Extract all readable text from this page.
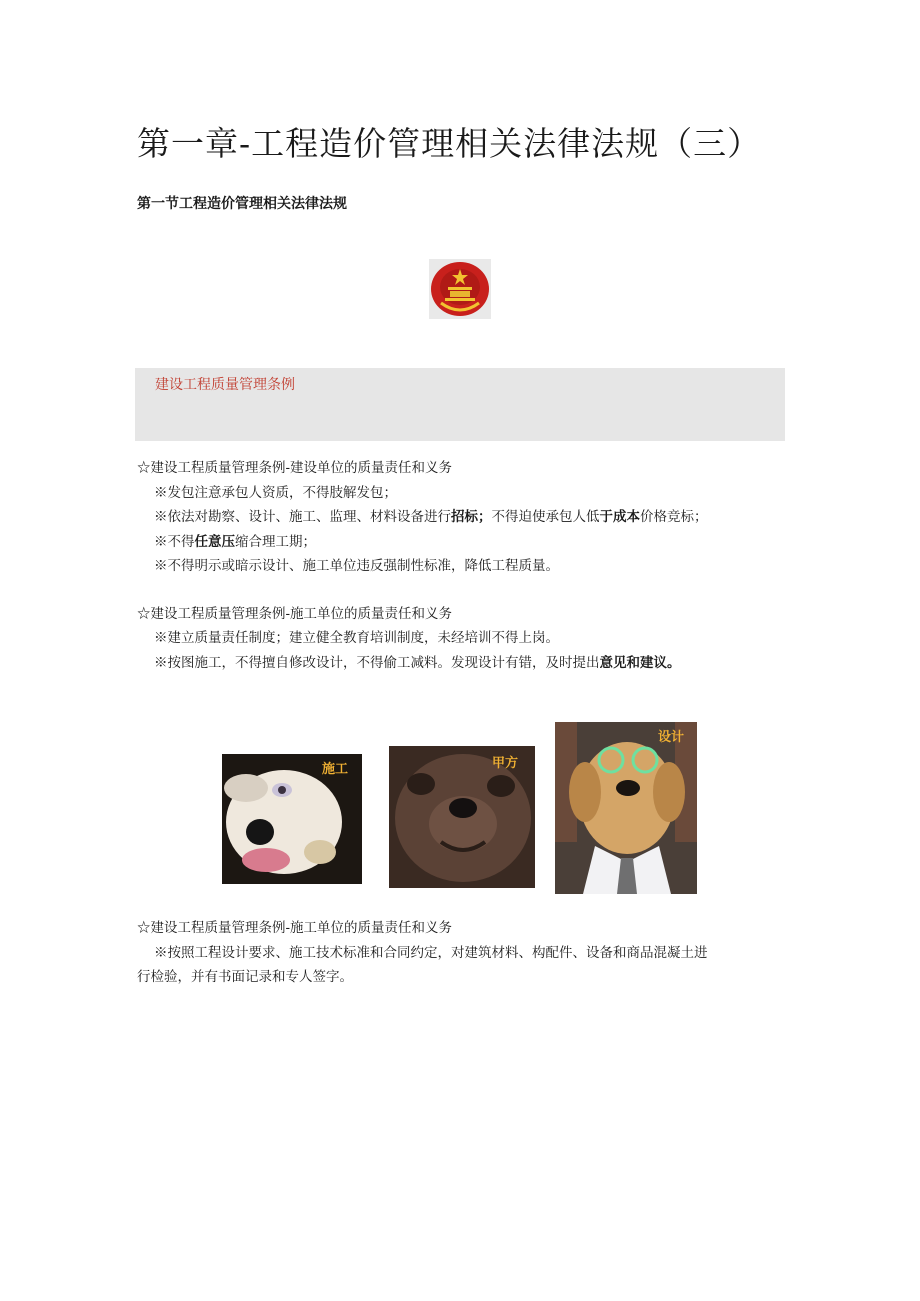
第一章-工程造价管理相关法律法规（三）
第一节工程造价管理相关法律法规
建设工程质量管理条例
☆建设工程质量管理条例-建设单位的质量责任和义务
※发包注意承包人资质，不得肢解发包；
※依法对勘察、设计、施工、监理、材料设备进行招标；不得迫使承包人低于成本价格竞标；
※不得任意压缩合理工期；
※不得明示或暗示设计、施工单位违反强制性标准，降低工程质量。
☆建设工程质量管理条例-施工单位的质量责任和义务
※建立质量责任制度；建立健全教育培训制度，未经培训不得上岗。
※按图施工，不得擅自修改设计，不得偷工减料。发现设计有错，及时提出意见和建议。
施工	甲方
设计
☆建设工程质量管理条例-施工单位的质量责任和义务
※按照工程设计要求、施工技术标准和合同约定，对建筑材料、构配件、设备和商品混凝土进
行检验，并有书面记录和专人签字。
